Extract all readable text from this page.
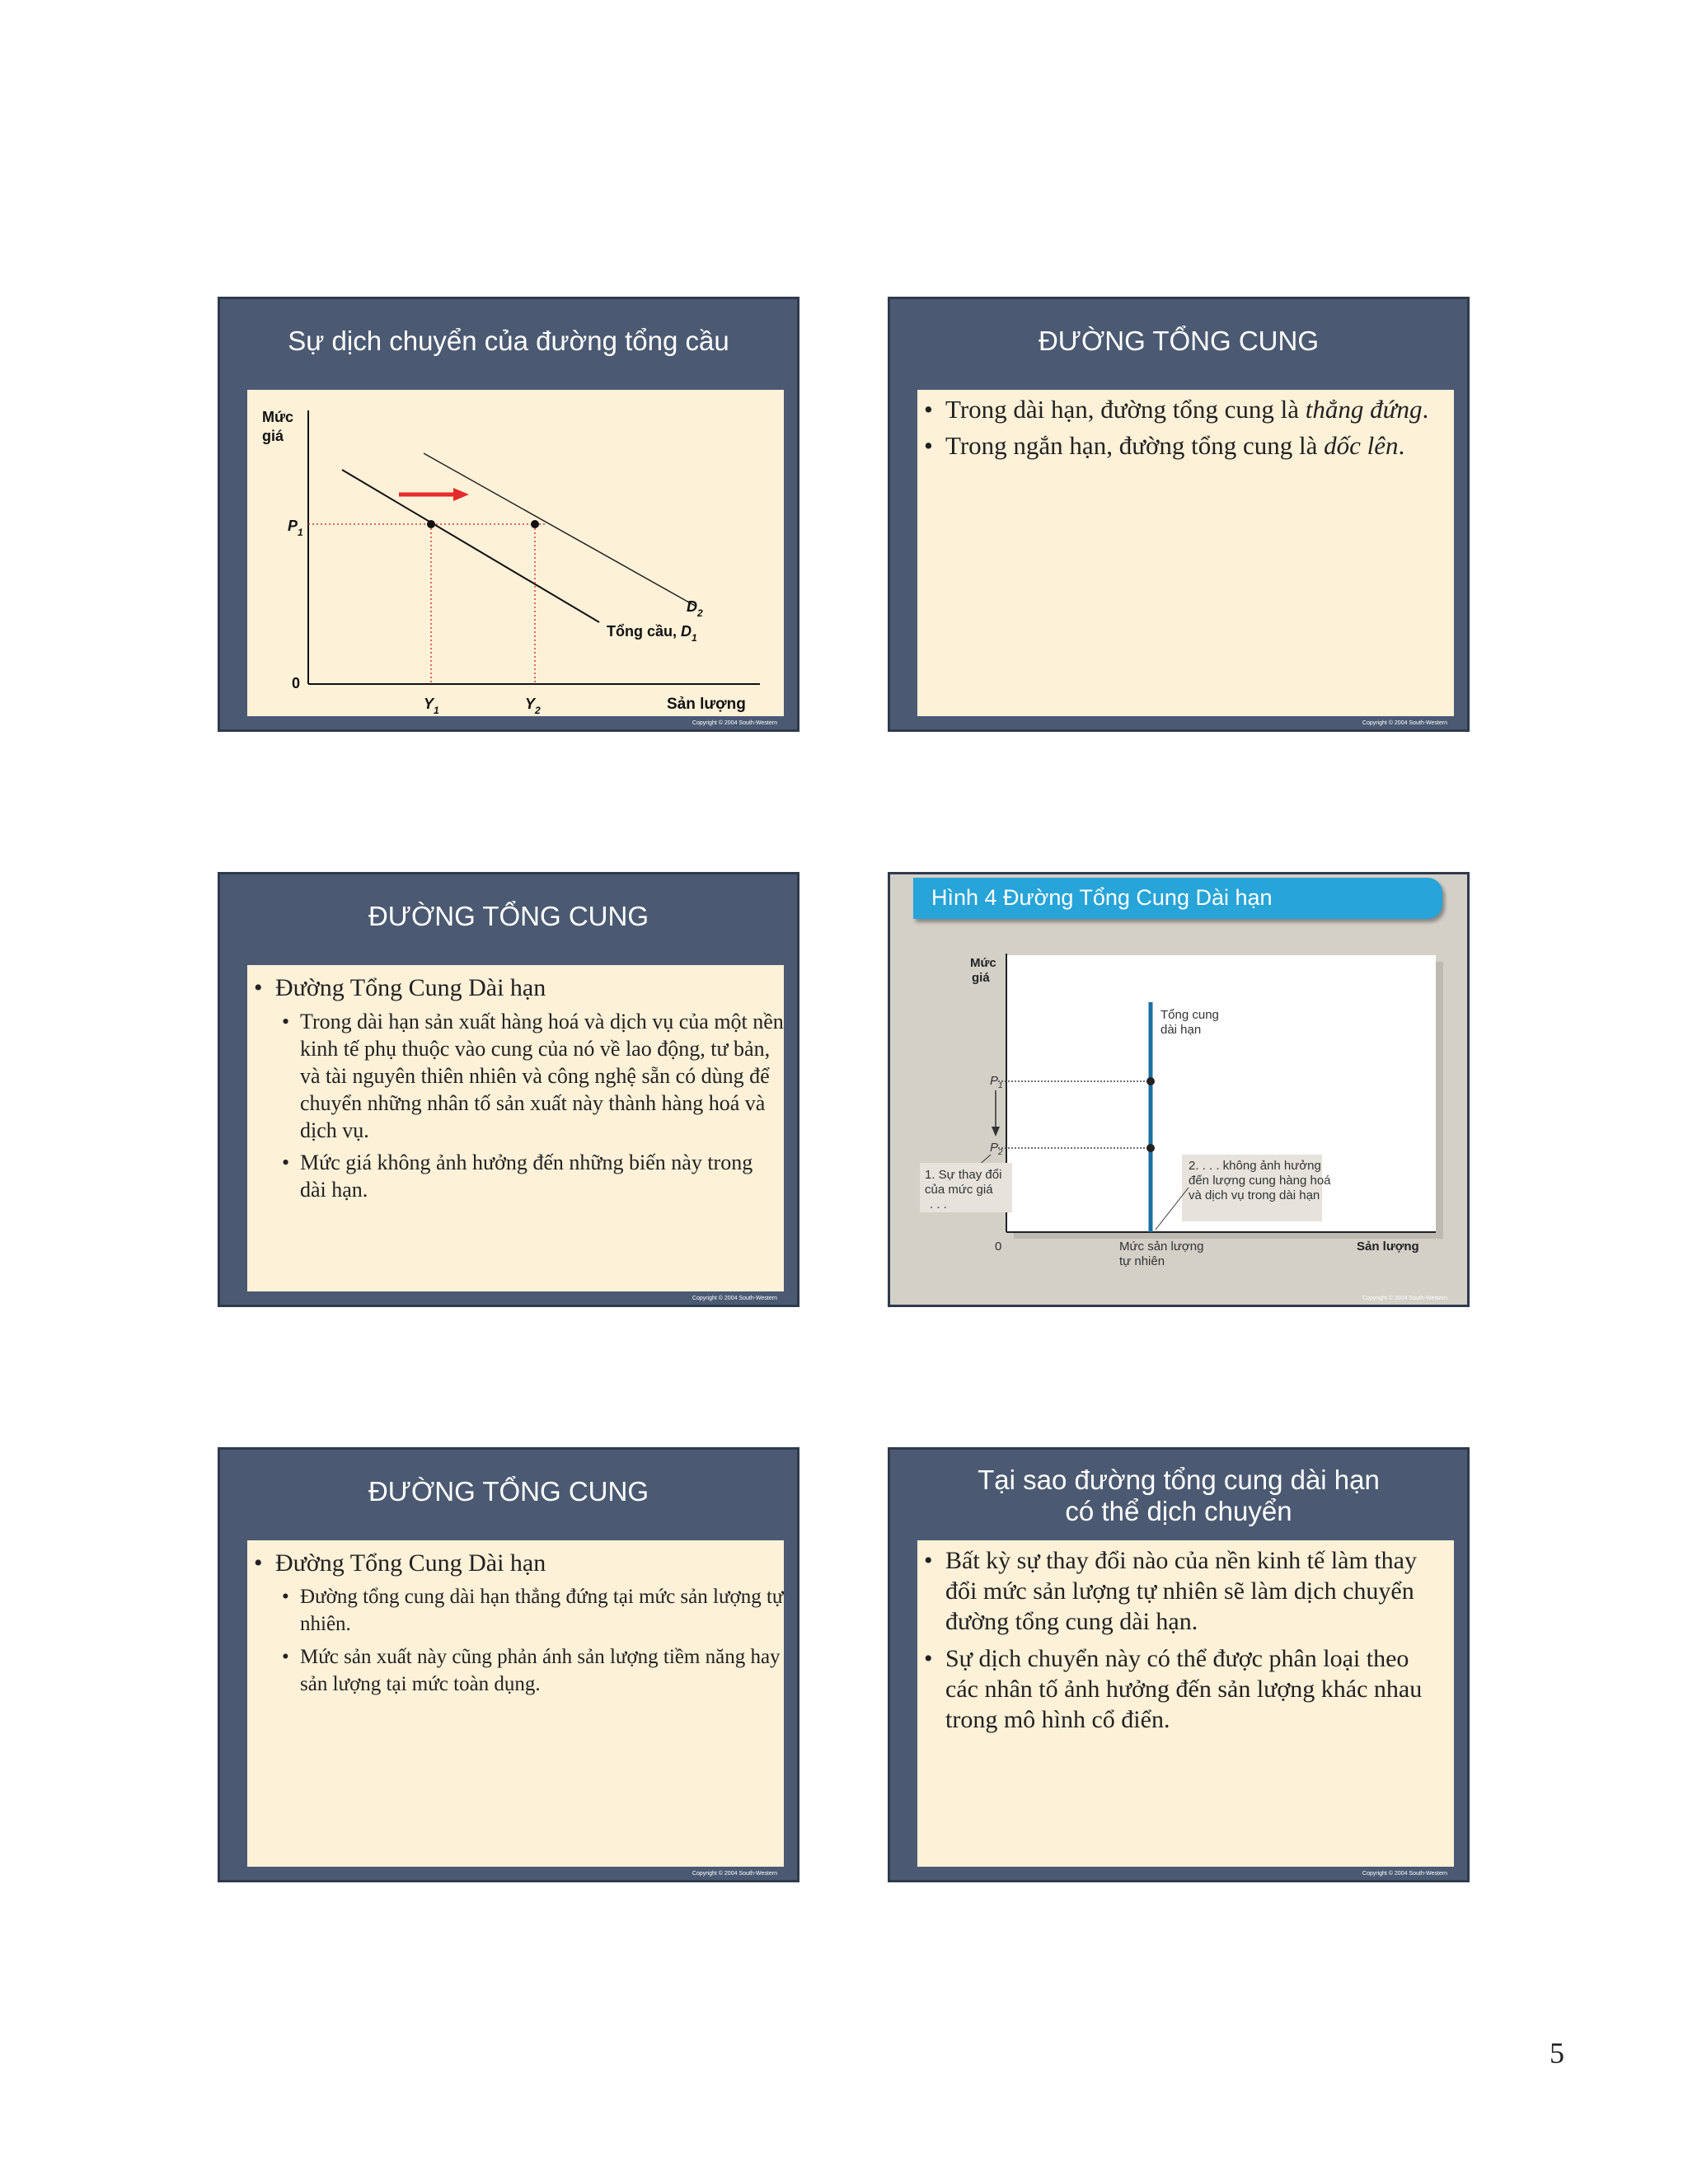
Sự dịch chuyển của đường tổng cầu
Mức
giá
$P_1$
$D_2$
Tổng cầu, $D_1$
0
$Y_1$	$Y_2$	Sản lượng
Copyright © 2004 South-Western
ĐƯỜNG TỔNG CUNG
• Trong dài hạn, đường tổng cung là thẳng đứng.
• Trong ngắn hạn, đường tổng cung là dốc lên.
Copyright © 2004 South-Western
ĐƯỜNG TỔNG CUNG
• Đường Tổng Cung Dài hạn
• Trong dài hạn sản xuất hàng hoá và dịch vụ của một nền kinh tế phụ thuộc vào cung của nó về lao động, tư bản, và tài nguyên thiên nhiên và công nghệ sẵn có dùng để chuyển những nhân tố sản xuất này thành hàng hoá và dịch vụ.
• Mức giá không ảnh hưởng đến những biến này trong dài hạn.
Copyright © 2004 South-Western
Hình 4 Đường Tổng Cung Dài hạn
Mức
giá
Tổng cung
dài hạn
$P_1$
$P_2$
1. Sự thay đổi
của mức giá
. . .
2. . . . không ảnh hưởng
đến lượng cung hàng hoá
và dịch vụ trong dài hạn
0	Mức sản lượng
tự nhiên
Sản lượng
Copyright © 2004 South-Western
ĐƯỜNG TỔNG CUNG
• Đường Tổng Cung Dài hạn
• Đường tổng cung dài hạn thẳng đứng tại mức sản lượng tự nhiên.
• Mức sản xuất này cũng phản ánh sản lượng tiềm năng hay sản lượng tại mức toàn dụng.
Copyright © 2004 South-Western
Tại sao đường tổng cung dài hạn
có thể dịch chuyển
• Bất kỳ sự thay đổi nào của nền kinh tế làm thay đổi mức sản lượng tự nhiên sẽ làm dịch chuyển đường tổng cung dài hạn.
• Sự dịch chuyển này có thể được phân loại theo các nhân tố ảnh hưởng đến sản lượng khác nhau trong mô hình cổ điển.
Copyright © 2004 South-Western
5
